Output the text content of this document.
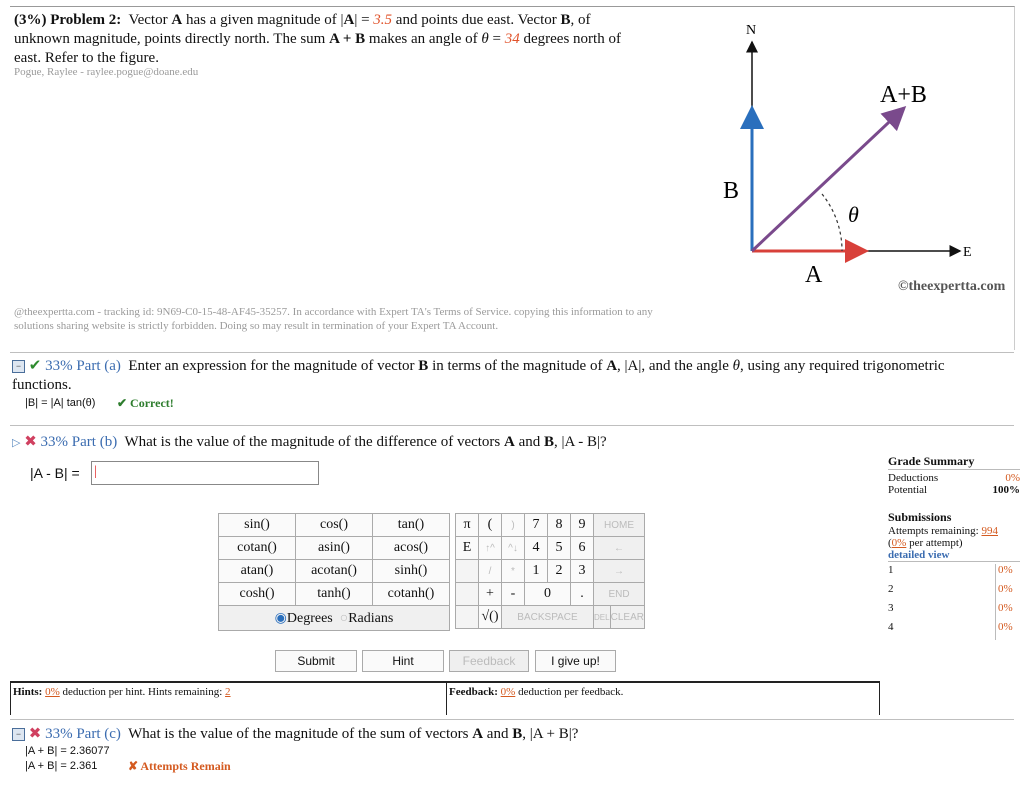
(3%) Problem 2: Vector A has a given magnitude of |A| = 3.5 and points due east. Vector B, of
unknown magnitude, points directly north. The sum A + B makes an angle of θ = 34 degrees north of
east. Refer to the figure.
Pogue, Raylee - raylee.pogue@doane.edu
N
E
A+B
B
A
θ
©theexpertta.com
@theexpertta.com - tracking id: 9N69-C0-15-48-AF45-35257. In accordance with Expert TA's Terms of Service. copying this information to any solutions sharing website is strictly forbidden. Doing so may result in termination of your Expert TA Account.
− ✔ 33% Part (a) Enter an expression for the magnitude of vector B in terms of the magnitude of A, |A|, and the angle θ, using any required trigonometric
functions.
|B| = |A| tan(θ) ✔ Correct!
▷ ✖ 33% Part (b) What is the value of the magnitude of the difference of vectors A and B, |A - B|?
|A - B| = |
sin()	cos()	tan()
cotan()	asin()	acos()
atan()	acotan()	sinh()
cosh()	tanh()	cotanh()
◉Degrees ○Radians		
π	(	)	7	8	9	HOME	
E	↑^	^↓	4	5	6	←	
	/	*	1	2	3	→	
	+	-	0		.	END	
	√()	BACKSPACE				DEL	CLEAR
Submit	Hint	Feedback	I give up!
Hints: 0% deduction per hint. Hints remaining: 2	Feedback: 0% deduction per feedback.
Grade Summary
Deductions	0%
Potential	100%
Submissions
Attempts remaining: 994
(0% per attempt)
detailed view
1	0%
2	0%
3	0%
4	0%
− ✖ 33% Part (c) What is the value of the magnitude of the sum of vectors A and B, |A + B|?
|A + B| = 2.36077
|A + B| = 2.361	✘ Attempts Remain
